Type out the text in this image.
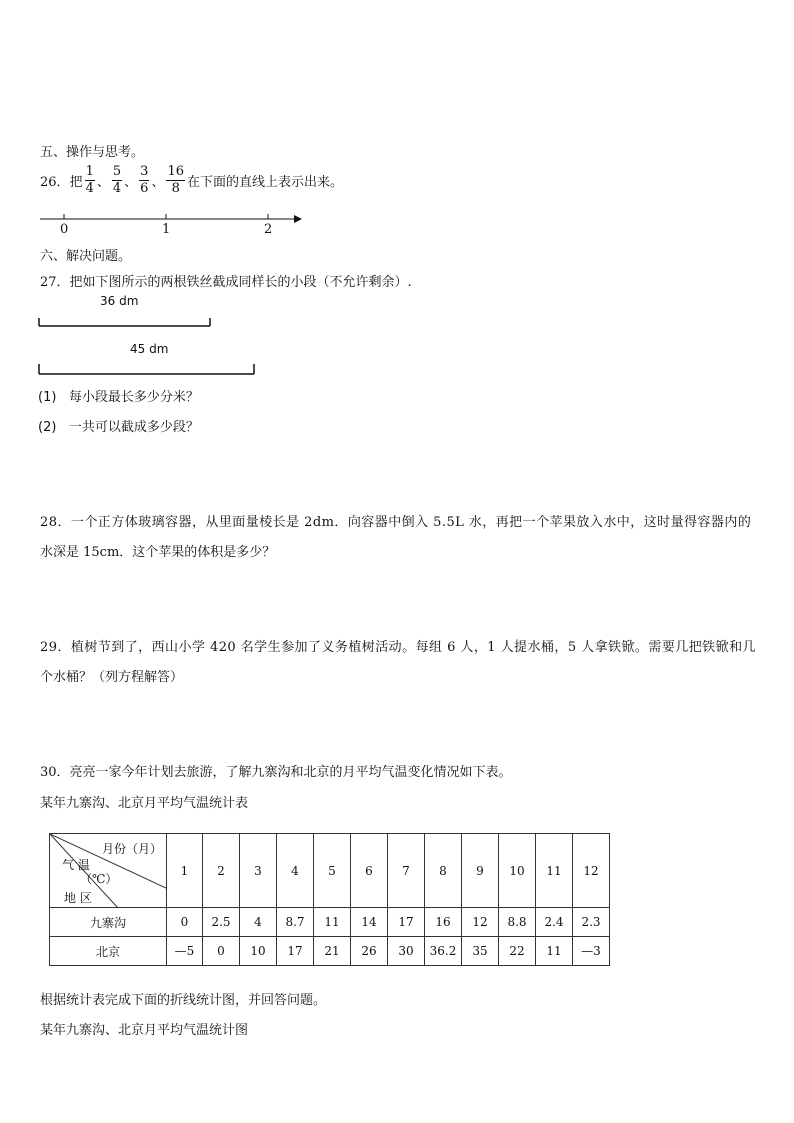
五、操作与思考。
26． 把 $\frac{1}{4}$ 、 $\frac{5}{4}$ 、 $\frac{3}{6}$ 、 $\frac{16}{8}$ 在下面的直线上表示出来。
0	1	2
六、解决问题。
27．把如下图所示的两根铁丝截成同样长的小段（不允许剩余）.
36 dm
45 dm
(1) 每小段最长多少分米？
(2) 一共可以截成多少段？
28．一个正方体玻璃容器，从里面量棱长是 2dm．向容器中倒入 5.5L 水，再把一个苹果放入水中，这时量得容器内的
水深是 15cm．这个苹果的体积是多少？
29．植树节到了，西山小学 420 名学生参加了义务植树活动。每组 6 人，1 人提水桶，5 人拿铁锨。需要几把铁锨和几
个水桶？（列方程解答）
30．亮亮一家今年计划去旅游，了解九寨沟和北京的月平均气温变化情况如下表。
某年九寨沟、北京月平均气温统计表
月份（月）
气 温
（℃）
地 区	1	2	3	4	5	6	7	8	9	10	11	12
九寨沟	0	2.5	4	8.7	11	14	17	16	12	8.8	2.4	2.3
北京	—5	0	10	17	21	26	30	36.2	35	22	11	—3
根据统计表完成下面的折线统计图，并回答问题。
某年九寨沟、北京月平均气温统计图
